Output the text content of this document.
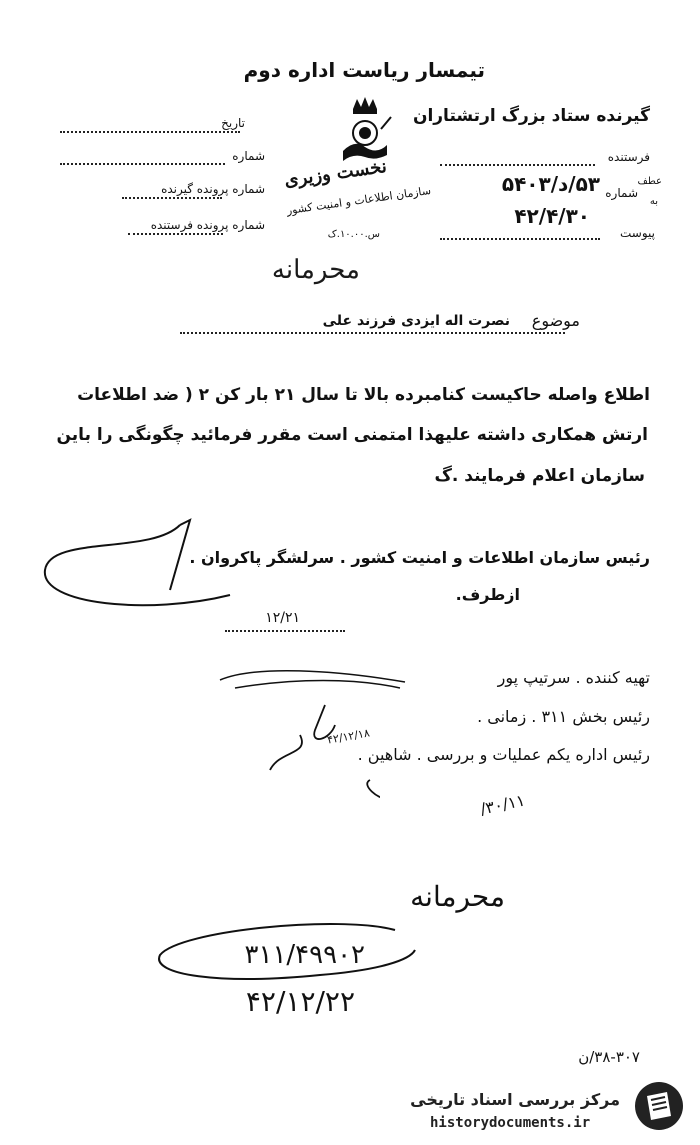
تیمسار ریاست اداره دوم
گیرنده ستاد بزرگ ارتشتاران
تاریخ
شماره
شماره پرونده گیرنده
شماره پرونده فرستنده
نخست وزیری
سازمان اطلاعات و امنیت کشور
س.۱۰.۰۰.ک
فرستنده
شماره
عطف
به
۵۳/د/۵۴۰۳
پیوست
۴۲/۴/۳۰
محرمانه
موضوع
نصرت اله ایزدی فرزند علی
اطلاع واصله حاکیست کنامبرده بالا تا سال ۲۱ بار کن ۲ ( ضد اطلاعات
ارتش همکاری داشته علیهذا امتمنی است مقرر فرمائید چگونگی را باین
سازمان اعلام فرمایند .گ
رئیس سازمان اطلاعات و امنیت کشور . سرلشگر پاکروان .
ازطرف.
۱۲/۲۱
تهیه کننده . سرتیپ پور
رئیس بخش ۳۱۱ . زمانی .
رئیس اداره یکم عملیات و بررسی . شاهین .
۴۲/۱۲/۱۸
۳۰/۱۱/
محرمانه
۳۱۱/۴۹۹۰۲
۴۲/۱۲/۲۲
۳۸-۳۰۷/ن
مرکز بررسی اسناد تاریخی
historydocuments.ir
